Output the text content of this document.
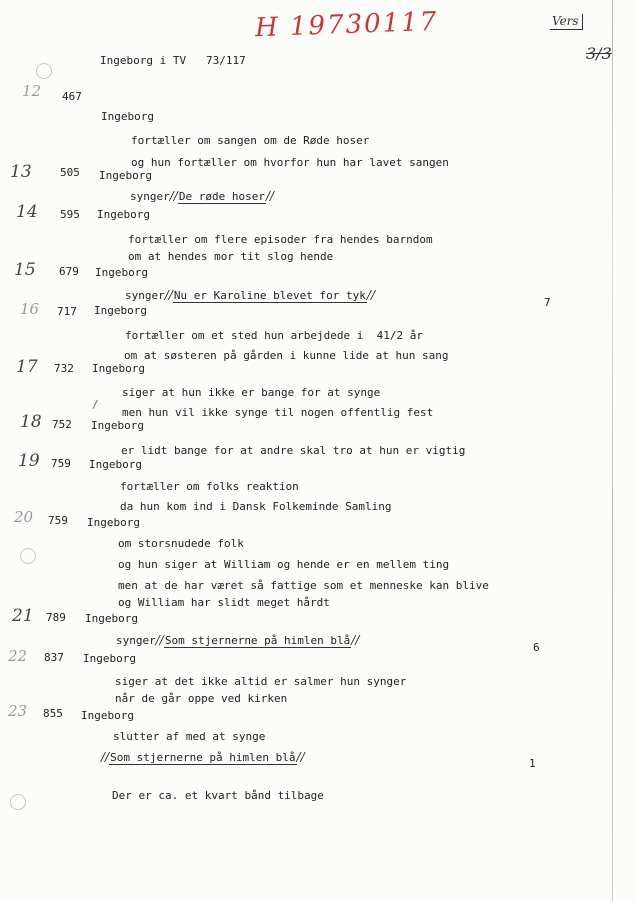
H 19730117	Vers
3/3
Ingeborg i TV 73/117
12 467
Ingeborg
fortæller om sangen om de Røde hoser
og hun fortæller om hvorfor hun har lavet sangen
13	505 Ingeborg
synger//De røde hoser//
14 595 Ingeborg
fortæller om flere episoder fra hendes barndom
om at hendes mor tit slog hende
15 679 Ingeborg
synger//Nu er Karoline blevet for tyk//
7
16 717 Ingeborg
fortæller om et sted hun arbejdede i  41/2 år
om at søsteren på gården i kunne lide at hun sang
17 732 Ingeborg
siger at hun ikke er bange for at synge
/
men hun vil ikke synge til nogen offentlig fest
18 752 Ingeborg
er lidt bange for at andre skal tro at hun er vigtig
19 759 Ingeborg
fortæller om folks reaktion
da hun kom ind i Dansk Folkeminde Samling
20 759 Ingeborg
om storsnudede folk
og hun siger at William og hende er en mellem ting
men at de har været så fattige som et menneske kan blive
og William har slidt meget hårdt
21 789 Ingeborg
synger//Som stjernerne på himlen blå//
6
22 837 Ingeborg
siger at det ikke altid er salmer hun synger
når de går oppe ved kirken
23 855 Ingeborg
slutter af med at synge
//Som stjernerne på himlen blå//	1
Der er ca. et kvart bånd tilbage
